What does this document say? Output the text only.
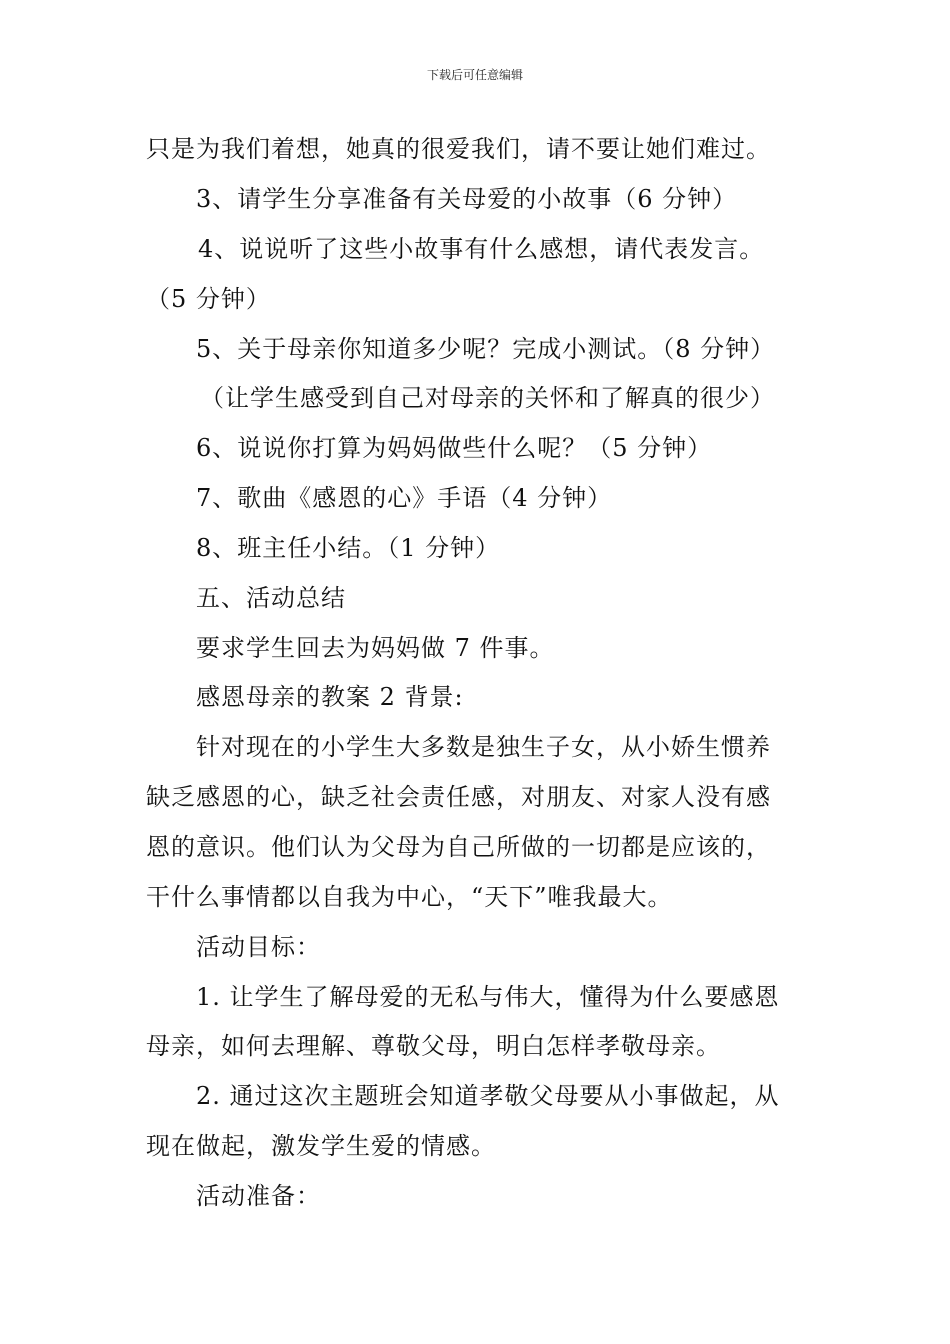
下载后可任意编辑
只是为我们着想，她真的很爱我们，请不要让她们难过。
3、请学生分享准备有关母爱的小故事（6 分钟）
4、说说听了这些小故事有什么感想，请代表发言。
（5 分钟）
5、关于母亲你知道多少呢？完成小测试。（8 分钟）
（让学生感受到自己对母亲的关怀和了解真的很少）
6、说说你打算为妈妈做些什么呢？（5 分钟）
7、歌曲《感恩的心》手语（4 分钟）
8、班主任小结。（1 分钟）
五、活动总结
要求学生回去为妈妈做 7 件事。
感恩母亲的教案 2 背景:
针对现在的小学生大多数是独生子女，从小娇生惯养
缺乏感恩的心，缺乏社会责任感，对朋友、对家人没有感
恩的意识。他们认为父母为自己所做的一切都是应该的，
干什么事情都以自我为中心，“天下”唯我最大。
活动目标：
1. 让学生了解母爱的无私与伟大，懂得为什么要感恩
母亲，如何去理解、尊敬父母，明白怎样孝敬母亲。
2. 通过这次主题班会知道孝敬父母要从小事做起，从
现在做起，激发学生爱的情感。
活动准备：
